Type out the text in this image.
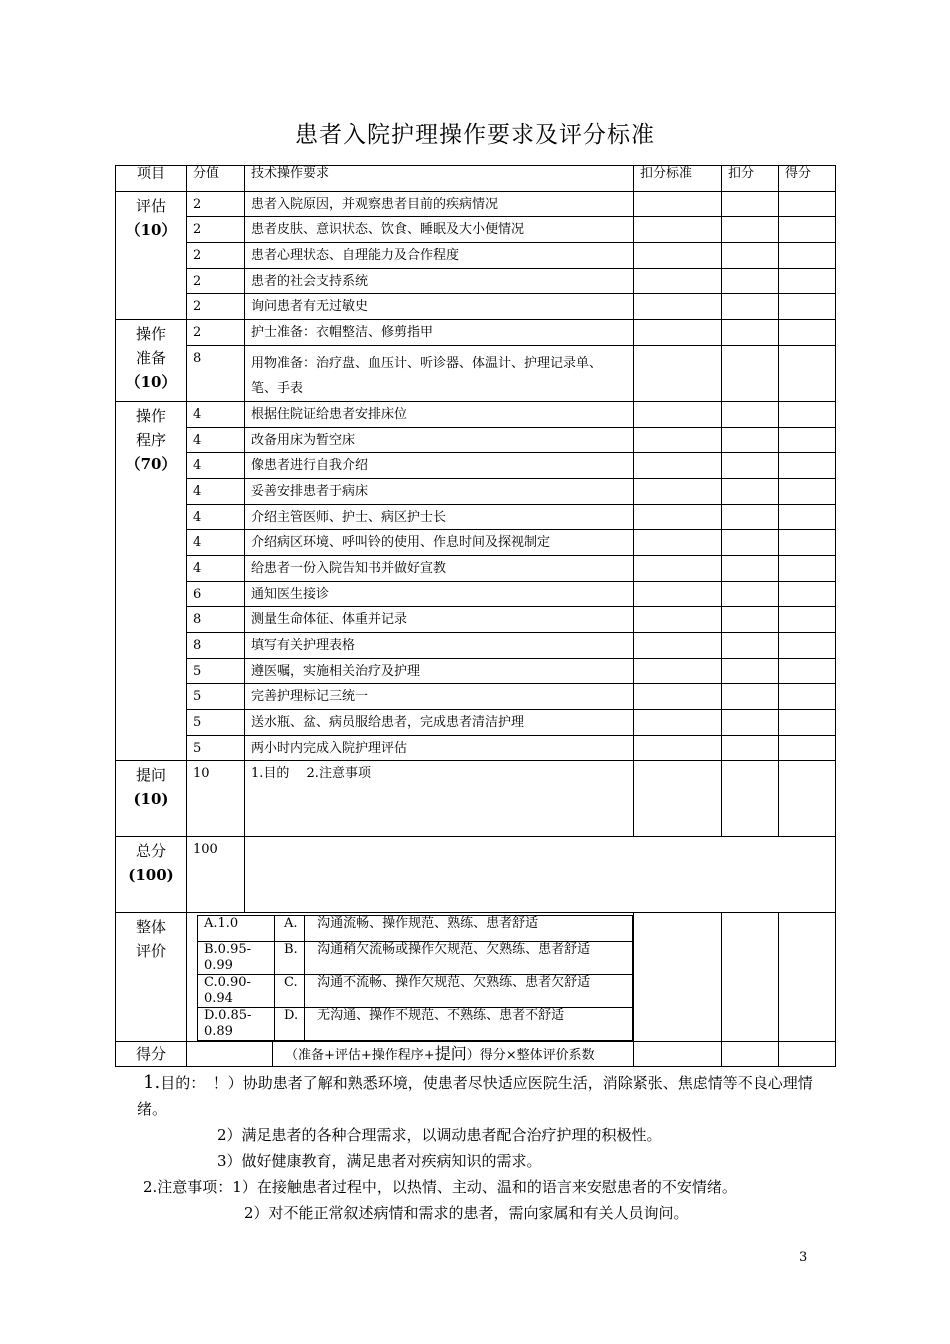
患者入院护理操作要求及评分标准
项目	分值	技术操作要求	扣分标准	扣分	得分

评估
（10）
	2	患者入院原因，并观察患者目前的疾病情况			
2	患者皮肤、意识状态、饮食、睡眠及大小便情况			
2	患者心理状态、自理能力及合作程度			
2	患者的社会支持系统			
2	询问患者有无过敏史			

操作
准备
（10）
	2	护士准备：衣帽整洁、修剪指甲			
8	用物准备：治疗盘、血压计、听诊器、体温计、护理记录单、笔、手表			

操作
程序
（70）
	4	根据住院证给患者安排床位			
4	改备用床为暂空床			
4	像患者进行自我介绍			
4	妥善安排患者于病床			
4	介绍主管医师、护士、病区护士长			
4	介绍病区环境、呼叫铃的使用、作息时间及探视制定			
4	给患者一份入院告知书并做好宣教			
6	通知医生接诊			
8	测量生命体征、体重并记录			
8	填写有关护理表格			
5	遵医嘱，实施相关治疗及护理			
5	完善护理标记三统一			
5	送水瓶、盆、病员服给患者，完成患者清洁护理			
5	两小时内完成入院护理评估			

提问
(10)
	10	1.目的　 2.注意事项			

总分
(100)
	100	

整体
评价

A.1.0	A.	沟通流畅、操作规范、熟练、患者舒适
B.0.95-0.99	B.	沟通稍欠流畅或操作欠规范、欠熟练、患者舒适
C.0.90-0.94	C.	沟通不流畅、操作欠规范、欠熟练、患者欠舒适
D.0.85-0.89	D.	无沟通、操作不规范、不熟练、患者不舒适

得分	（准备+评估+操作程序+提问）得分×整体评价系数			

1.目的：　！）协助患者了解和熟悉环境，使患者尽快适应医院生活，消除紧张、焦虑情等不良心理情绪。

2）满足患者的各种合理需求，以调动患者配合治疗护理的积极性。

3）做好健康教育，满足患者对疾病知识的需求。

2.注意事项：1）在接触患者过程中，以热情、主动、温和的语言来安慰患者的不安情绪。

2）对不能正常叙述病情和需求的患者，需向家属和有关人员询问。

3
